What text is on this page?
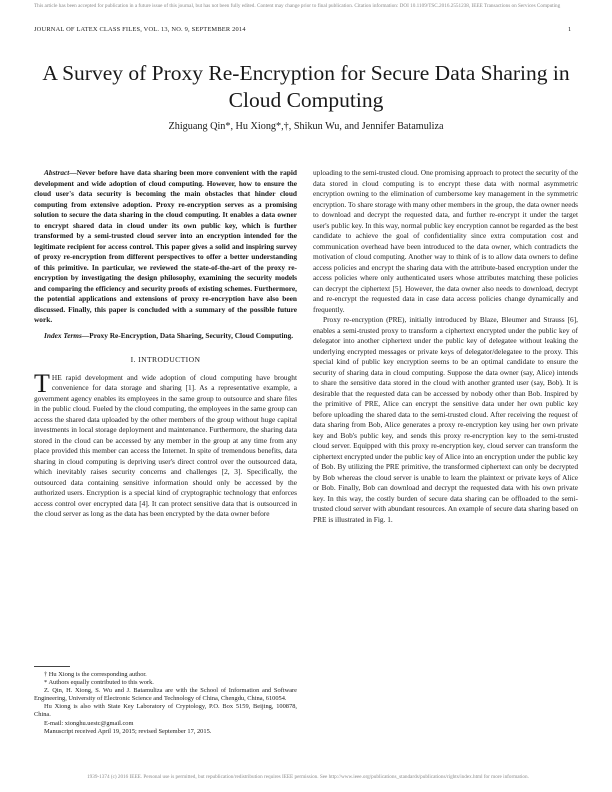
This article has been accepted for publication in a future issue of this journal, but has not been fully edited. Content may change prior to final publication. Citation information: DOI 10.1109/TSC.2016.2551238, IEEE Transactions on Services Computing
JOURNAL OF LATEX CLASS FILES, VOL. 13, NO. 9, SEPTEMBER 2014	1
A Survey of Proxy Re-Encryption for Secure Data Sharing in Cloud Computing
Zhiguang Qin*, Hu Xiong*,†, Shikun Wu, and Jennifer Batamuliza

Abstract—Never before have data sharing been more convenient with the rapid development and wide adoption of cloud computing. However, how to ensure the cloud user's data security is becoming the main obstacles that hinder cloud computing from extensive adoption. Proxy re-encryption serves as a promising solution to secure the data sharing in the cloud computing. It enables a data owner to encrypt shared data in cloud under its own public key, which is further transformed by a semi-trusted cloud server into an encryption intended for the legitimate recipient for access control. This paper gives a solid and inspiring survey of proxy re-encryption from different perspectives to offer a better understanding of this primitive. In particular, we reviewed the state-of-the-art of the proxy re-encryption by investigating the design philosophy, examining the security models and comparing the efficiency and security proofs of existing schemes. Furthermore, the potential applications and extensions of proxy re-encryption have also been discussed. Finally, this paper is concluded with a summary of the possible future work.

Index Terms—Proxy Re-Encryption, Data Sharing, Security, Cloud Computing.

I. INTRODUCTION

THE rapid development and wide adoption of cloud computing have brought convenience for data storage and sharing [1]. As a representative example, a government agency enables its employees in the same group to outsource and share files in the public cloud. Fueled by the cloud computing, the employees in the same group can access the shared data uploaded by the other members of the group without huge capital investments in local storage deployment and maintenance. Furthermore, the sharing data stored in the cloud can be accessed by any member in the group at any time from any place provided this member can access the Internet. In spite of tremendous benefits, data sharing in cloud computing is depriving user's direct control over the outsourced data, which inevitably raises security concerns and challenges [2, 3]. Specifically, the outsourced data containing sensitive information should only be accessed by the authorized users. Encryption is a special kind of cryptographic technology that enforces access control over encrypted data [4]. It can protect sensitive data that is outsourced in the cloud server as long as the data has been encrypted by the data owner before

† Hu Xiong is the corresponding author.

* Authors equally contributed to this work.

Z. Qin, H. Xiong, S. Wu and J. Batamuliza are with the School of Information and Software Engineering, University of Electronic Science and Technology of China, Chengdu, China, 610054.

Hu Xiong is also with State Key Laboratory of Cryptology, P.O. Box 5159, Beijing, 100878, China.

E-mail: xionghu.uestc@gmail.com

Manuscript received April 19, 2015; revised September 17, 2015.

uploading to the semi-trusted cloud. One promising approach to protect the security of the data stored in cloud computing is to encrypt these data with normal asymmetric encryption owning to the elimination of cumbersome key management in the symmetric encryption. To share storage with many other members in the group, the data owner needs to download and decrypt the requested data, and further re-encrypt it under the target user's public key. In this way, normal public key encryption cannot be regarded as the best candidate to achieve the goal of confidentiality since extra computation cost and communication overhead have been introduced to the data owner, which contradicts the motivation of cloud computing. Another way to think of is to allow data owners to define access policies and encrypt the sharing data with the attribute-based encryption under the access policies where only authenticated users whose attributes matching these policies can decrypt the ciphertext [5]. However, the data owner also needs to download, decrypt and re-encrypt the requested data in case data access policies change dynamically and frequently.

Proxy re-encryption (PRE), initially introduced by Blaze, Bleumer and Strauss [6], enables a semi-trusted proxy to transform a ciphertext encrypted under the public key of delegator into another ciphertext under the public key of delegatee without leaking the underlying encrypted messages or private keys of delegator/delegatee to the proxy. This special kind of public key encryption seems to be an optimal candidate to ensure the security of sharing data in cloud computing. Suppose the data owner (say, Alice) intends to share the sensitive data stored in the cloud with another granted user (say, Bob). It is desirable that the requested data can be accessed by nobody other than Bob. Inspired by the primitive of PRE, Alice can encrypt the sensitive data under her own public key before uploading the shared data to the semi-trusted cloud. After receiving the request of data sharing from Bob, Alice generates a proxy re-encryption key using her own private key and Bob's public key, and sends this proxy re-encryption key to the semi-trusted cloud server. Equipped with this proxy re-encryption key, cloud server can transform the ciphertext encrypted under the public key of Alice into an encryption under the public key of Bob. By utilizing the PRE primitive, the transformed ciphertext can only be decrypted by Bob whereas the cloud server is unable to learn the plaintext or private keys of Alice or Bob. Finally, Bob can download and decrypt the requested data with his own private key. In this way, the costly burden of secure data sharing can be offloaded to the semi-trusted cloud server with abundant resources. An example of secure data sharing based on PRE is illustrated in Fig. 1.

1939-1374 (c) 2016 IEEE. Personal use is permitted, but republication/redistribution requires IEEE permission. See http://www.ieee.org/publications_standards/publications/rights/index.html for more information.
